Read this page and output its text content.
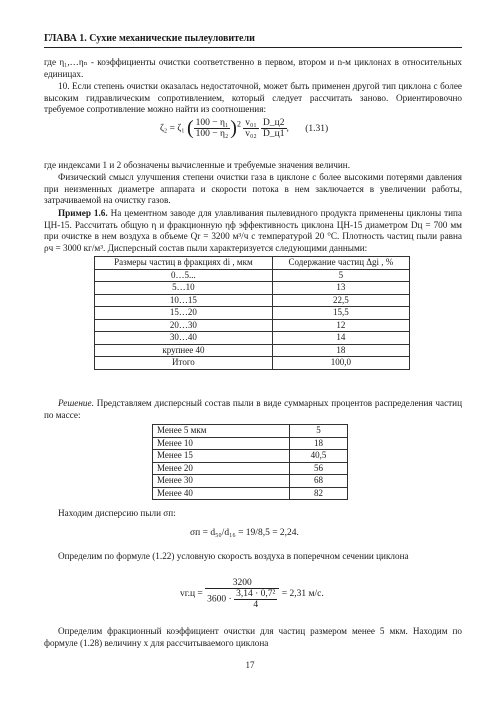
ГЛАВА 1. Сухие механические пылеуловители
где η₁,…ηₙ - коэффициенты очистки соответственно в первом, втором и n-м циклонах в относительных единицах.
10. Если степень очистки оказалась недостаточной, может быть применен другой тип циклона с более высоким гидравлическим сопротивлением, который следует рассчитать заново. Ориентировочно требуемое сопротивление можно найти из соотношения:
ζ₂ = ζ₁ ( $\frac{\text{100 − η₁}}{\text{100 − η₂}} )^2 \frac{\text{v₀₁}}{\text{v₀₂}}$
$\frac{D\_ц2}{D\_ц1}$ , (1.31)
где индексами 1 и 2 обозначены вычисленные и требуемые значения величин.
Физический смысл улучшения степени очистки газа в циклоне с более высокими потерями давления при неизменных диаметре аппарата и скорости потока в нем заключается в увеличении работы, затрачиваемой на очистку газов.
Пример 1.6. На цементном заводе для улавливания пылевидного продукта применены циклоны типа ЦН-15. Рассчитать общую η и фракционную ηф эффективность циклона ЦН-15 диаметром Dц = 700 мм при очистке в нем воздуха в объеме Qr = 3200 м³/ч с температурой 20 °С. Плотность частиц пыли равна ρч = 3000 кг/м³. Дисперсный состав пыли характеризуется следующими данными:
Размеры частиц в фракциях di , мкм	Содержание частиц Δgi , %
0…5...	5
5…10	13
10…15	22,5
15…20	15,5
20…30	12
30…40	14
крупнее 40	18
Итого	100,0
Решение. Представляем дисперсный состав пыли в виде суммарных процентов распределения частиц по массе:
Менее 5 мкм	5
Менее 10	18
Менее 15	40,5
Менее 20	56
Менее 30	68
Менее 40	82
Находим дисперсию пыли σп:
σп = d₅₀/d₁₆ = 19/8,5 = 2,24.
Определим по формуле (1.22) условную скорость воздуха в поперечном сечении циклона
$vг.ц = \frac{3200}{3600 \cdot \frac{\text{3,14 · 0,7²}}{4}} = 2,31$ м/с.
Определим фракционный коэффициент очистки для частиц размером менее 5 мкм. Находим по формуле (1.28) величину x для рассчитываемого циклона
17
